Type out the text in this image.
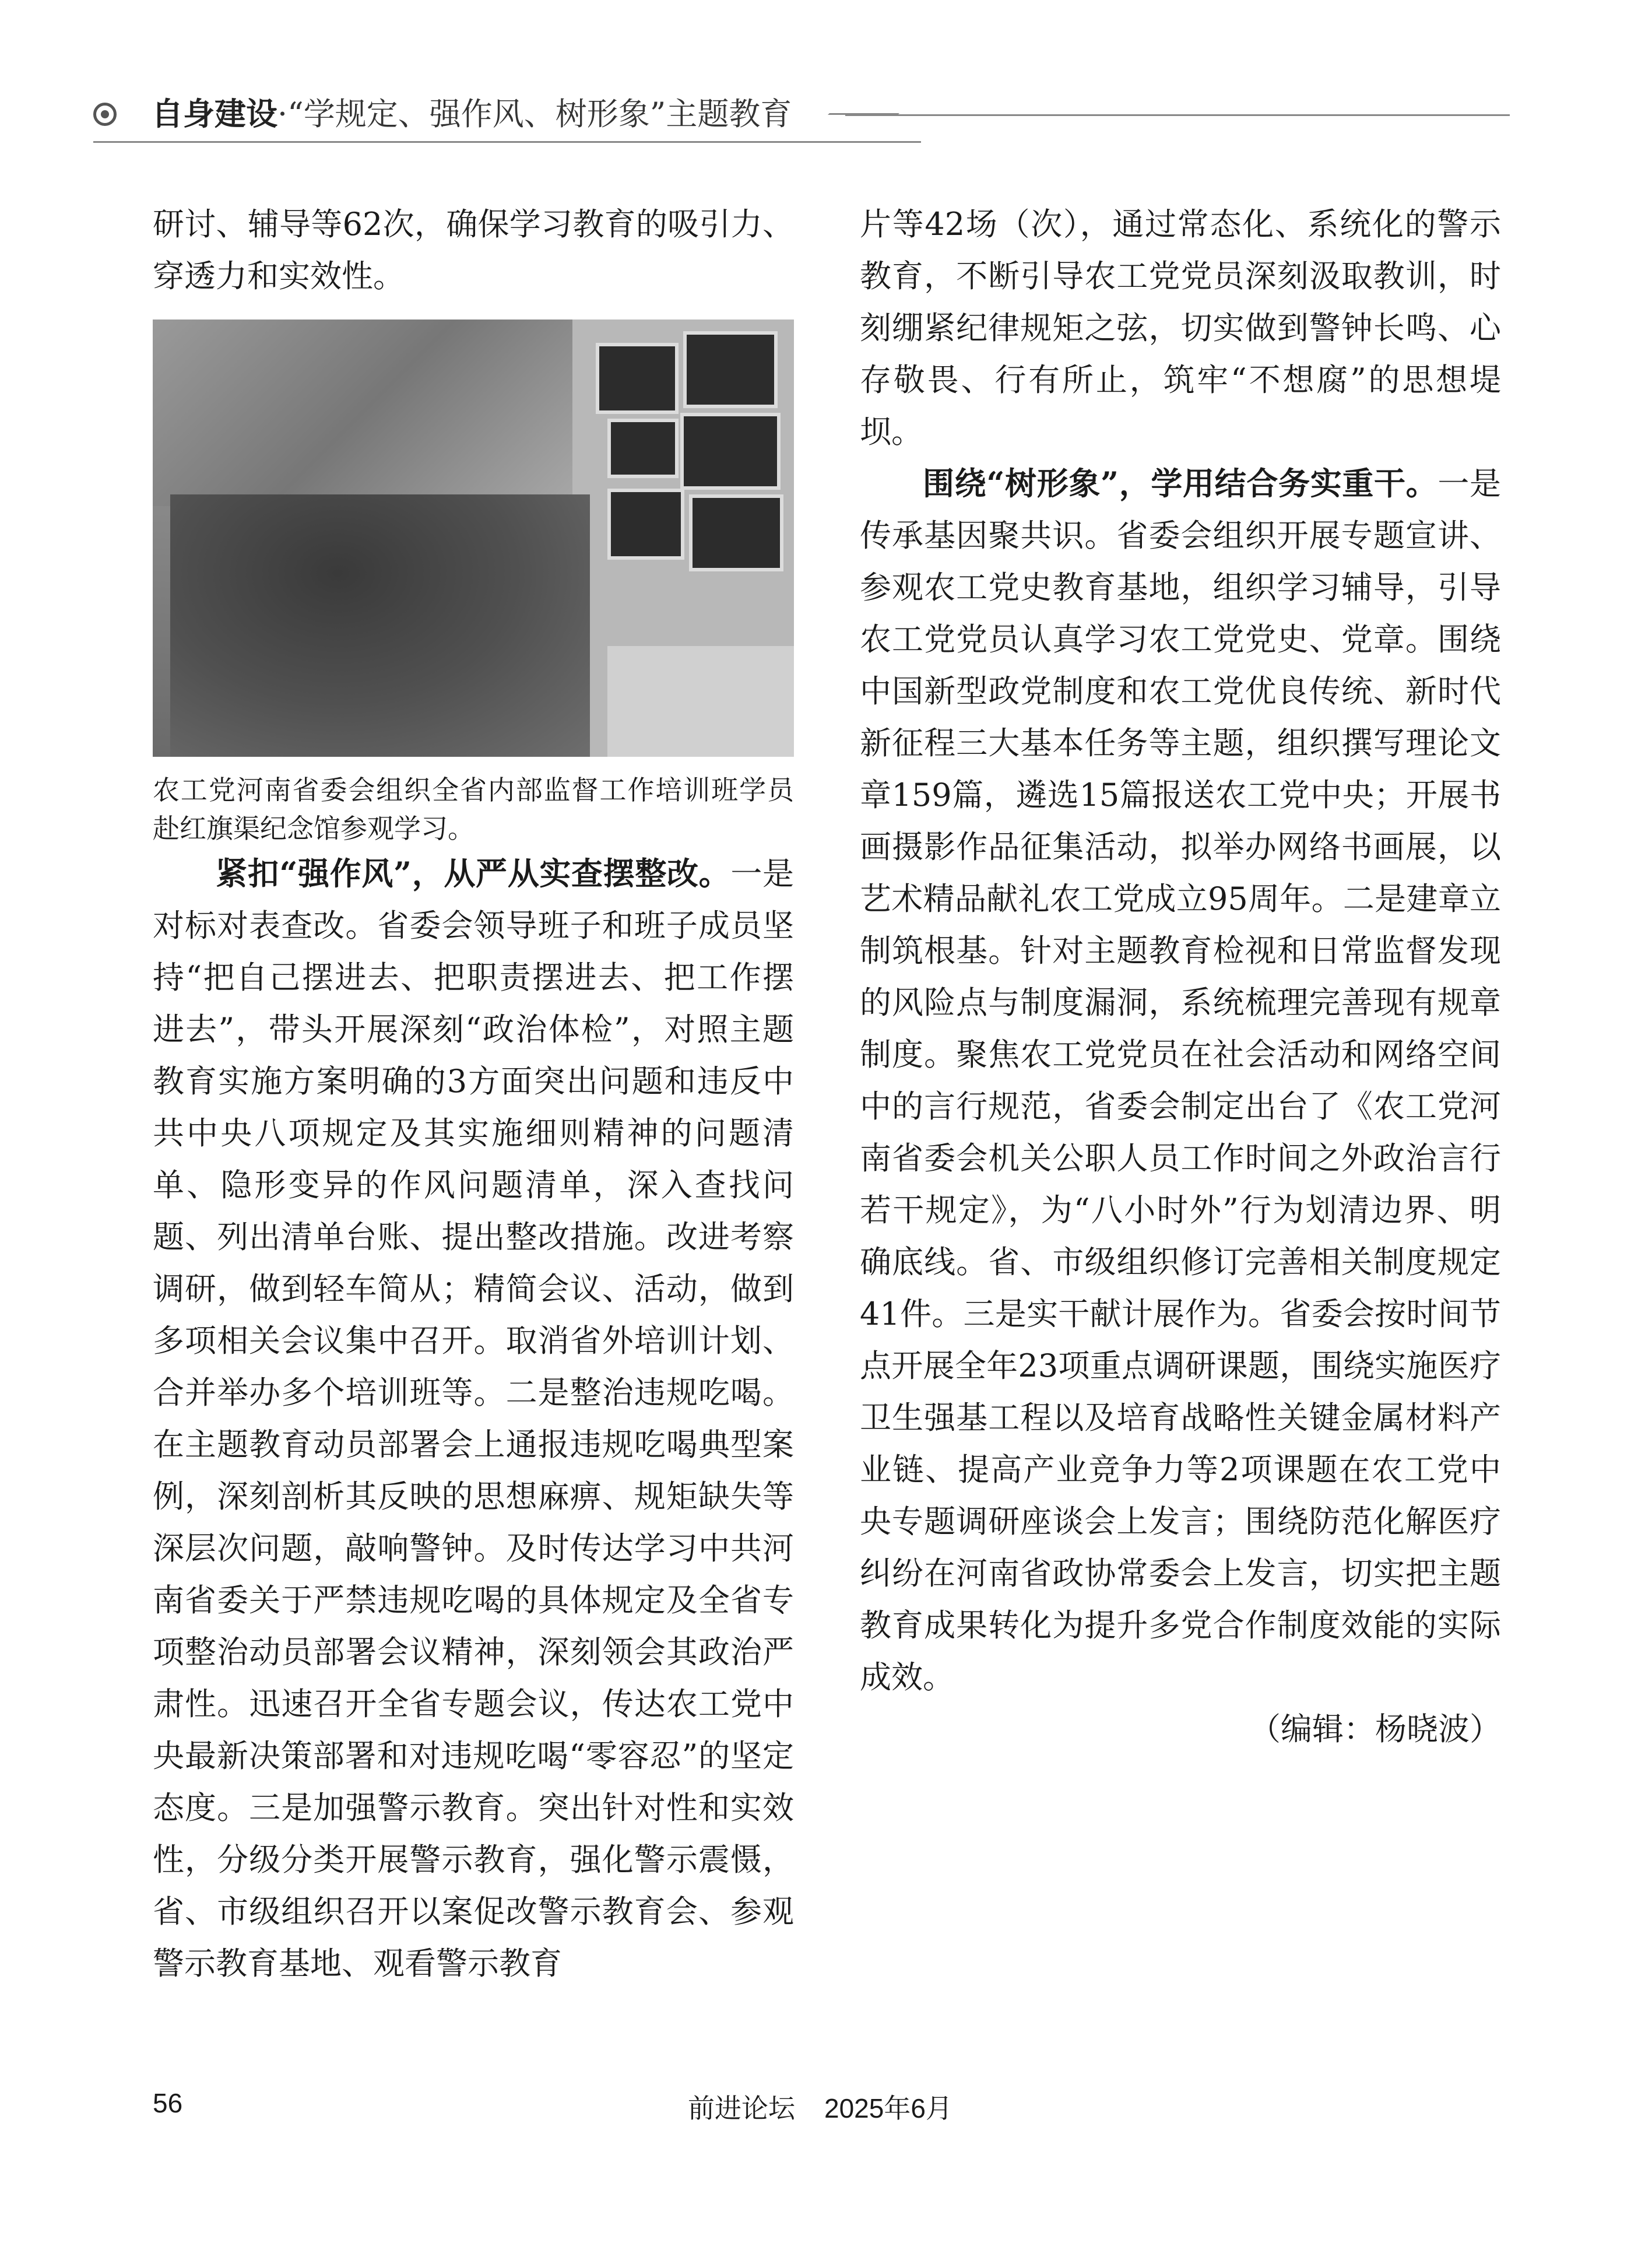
自身建设·“学规定、强作风、树形象”主题教育

研讨、辅导等62次，确保学习教育的吸引力、穿透力和实效性。

农工党河南省委会组织全省内部监督工作培训班学员赴红旗渠纪念馆参观学习。

紧扣“强作风”，从严从实查摆整改。一是对标对表查改。省委会领导班子和班子成员坚持“把自己摆进去、把职责摆进去、把工作摆进去”，带头开展深刻“政治体检”，对照主题教育实施方案明确的3方面突出问题和违反中共中央八项规定及其实施细则精神的问题清单、隐形变异的作风问题清单，深入查找问题、列出清单台账、提出整改措施。改进考察调研，做到轻车简从；精简会议、活动，做到多项相关会议集中召开。取消省外培训计划、合并举办多个培训班等。二是整治违规吃喝。在主题教育动员部署会上通报违规吃喝典型案例，深刻剖析其反映的思想麻痹、规矩缺失等深层次问题，敲响警钟。及时传达学习中共河南省委关于严禁违规吃喝的具体规定及全省专项整治动员部署会议精神，深刻领会其政治严肃性。迅速召开全省专题会议，传达农工党中央最新决策部署和对违规吃喝“零容忍”的坚定态度。三是加强警示教育。突出针对性和实效性，分级分类开展警示教育，强化警示震慑，省、市级组织召开以案促改警示教育会、参观警示教育基地、观看警示教育

片等42场（次），通过常态化、系统化的警示教育，不断引导农工党党员深刻汲取教训，时刻绷紧纪律规矩之弦，切实做到警钟长鸣、心存敬畏、行有所止，筑牢“不想腐”的思想堤坝。

围绕“树形象”，学用结合务实重干。一是传承基因聚共识。省委会组织开展专题宣讲、参观农工党史教育基地，组织学习辅导，引导农工党党员认真学习农工党党史、党章。围绕中国新型政党制度和农工党优良传统、新时代新征程三大基本任务等主题，组织撰写理论文章159篇，遴选15篇报送农工党中央；开展书画摄影作品征集活动，拟举办网络书画展，以艺术精品献礼农工党成立95周年。二是建章立制筑根基。针对主题教育检视和日常监督发现的风险点与制度漏洞，系统梳理完善现有规章制度。聚焦农工党党员在社会活动和网络空间中的言行规范，省委会制定出台了《农工党河南省委会机关公职人员工作时间之外政治言行若干规定》，为“八小时外”行为划清边界、明确底线。省、市级组织修订完善相关制度规定41件。三是实干献计展作为。省委会按时间节点开展全年23项重点调研课题，围绕实施医疗卫生强基工程以及培育战略性关键金属材料产业链、提高产业竞争力等2项课题在农工党中央专题调研座谈会上发言；围绕防范化解医疗纠纷在河南省政协常委会上发言，切实把主题教育成果转化为提升多党合作制度效能的实际成效。

（编辑：杨晓波）

56	前进论坛 2025年6月
